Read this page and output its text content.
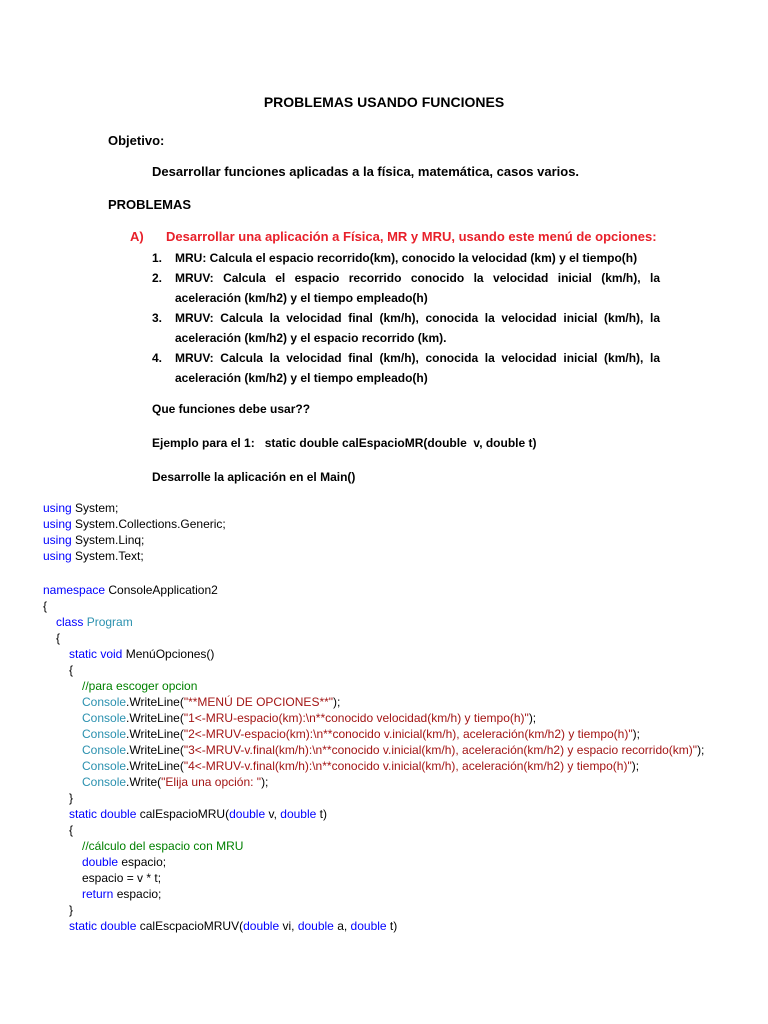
PROBLEMAS USANDO FUNCIONES
Objetivo:
Desarrollar funciones aplicadas a la física, matemática, casos varios.
PROBLEMAS
A) Desarrollar una aplicación a Física, MR y MRU, usando este menú de opciones:
1. MRU: Calcula el espacio recorrido(km), conocido la velocidad (km) y el tiempo(h)
2. MRUV: Calcula el espacio recorrido conocido la velocidad inicial (km/h), la aceleración (km/h2) y el tiempo empleado(h)
3. MRUV: Calcula la velocidad final (km/h), conocida la velocidad inicial (km/h), la aceleración (km/h2) y el espacio recorrido (km).
4. MRUV: Calcula la velocidad final (km/h), conocida la velocidad inicial (km/h), la aceleración (km/h2) y el tiempo empleado(h)
Que funciones debe usar??
Ejemplo para el 1:   static double calEspacioMR(double  v, double t)
Desarrolle la aplicación en el Main()
using System;
using System.Collections.Generic;
using System.Linq;
using System.Text;
namespace ConsoleApplication2
{
class Program
{
static void MenúOpciones()
{
//para escoger opcion
Console.WriteLine("**MENÚ DE OPCIONES**");
Console.WriteLine("1<-MRU-espacio(km):\n**conocido velocidad(km/h) y tiempo(h)");
Console.WriteLine("2<-MRUV-espacio(km):\n**conocido v.inicial(km/h), aceleración(km/h2) y tiempo(h)");
Console.WriteLine("3<-MRUV-v.final(km/h):\n**conocido v.inicial(km/h), aceleración(km/h2) y espacio recorrido(km)");
Console.WriteLine("4<-MRUV-v.final(km/h):\n**conocido v.inicial(km/h), aceleración(km/h2) y tiempo(h)");
Console.Write("Elija una opción: ");
}
static double calEspacioMRU(double v, double t)
{
//cálculo del espacio con MRU
double espacio;
espacio = v * t;
return espacio;
}
static double calEscpacioMRUV(double vi, double a, double t)
